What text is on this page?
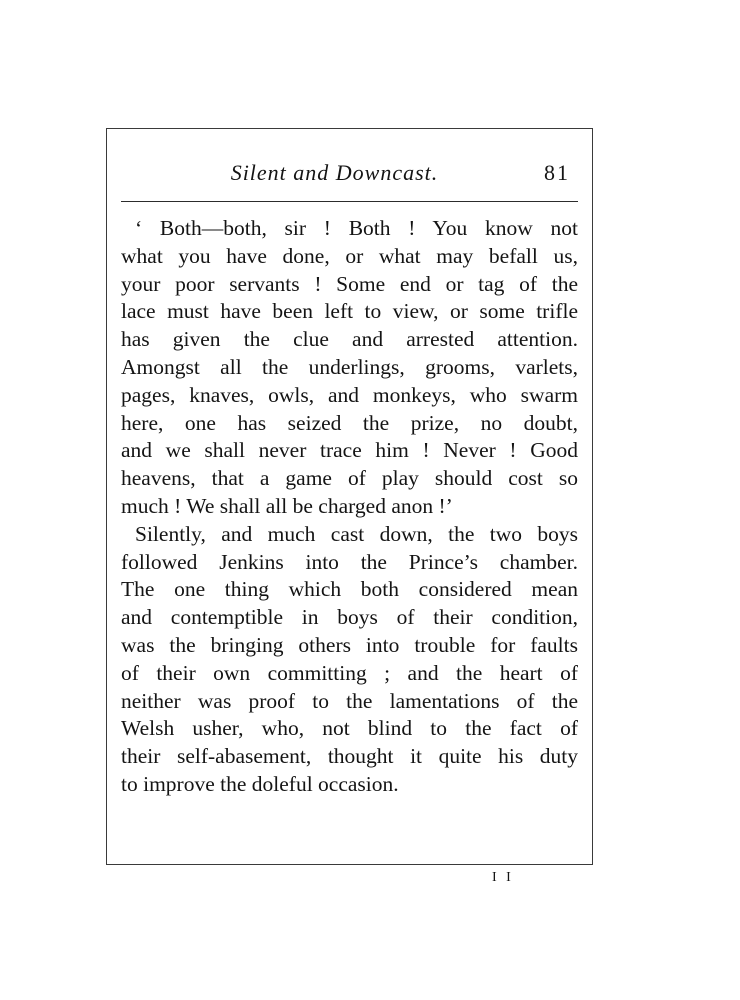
Silent and Downcast.	81
‘ Both—both, sir ! Both ! You know not
what you have done, or what may befall us,
your poor servants ! Some end or tag of the
lace must have been left to view, or some trifle
has given the clue and arrested attention.
Amongst all the underlings, grooms, varlets,
pages, knaves, owls, and monkeys, who swarm
here, one has seized the prize, no doubt,
and we shall never trace him ! Never ! Good
heavens, that a game of play should cost so
much ! We shall all be charged anon !’
Silently, and much cast down, the two boys
followed Jenkins into the Prince’s chamber.
The one thing which both considered mean
and contemptible in boys of their condition,
was the bringing others into trouble for faults
of their own committing ; and the heart of
neither was proof to the lamentations of the
Welsh usher, who, not blind to the fact of
their self-abasement, thought it quite his duty
to improve the doleful occasion.
I I
